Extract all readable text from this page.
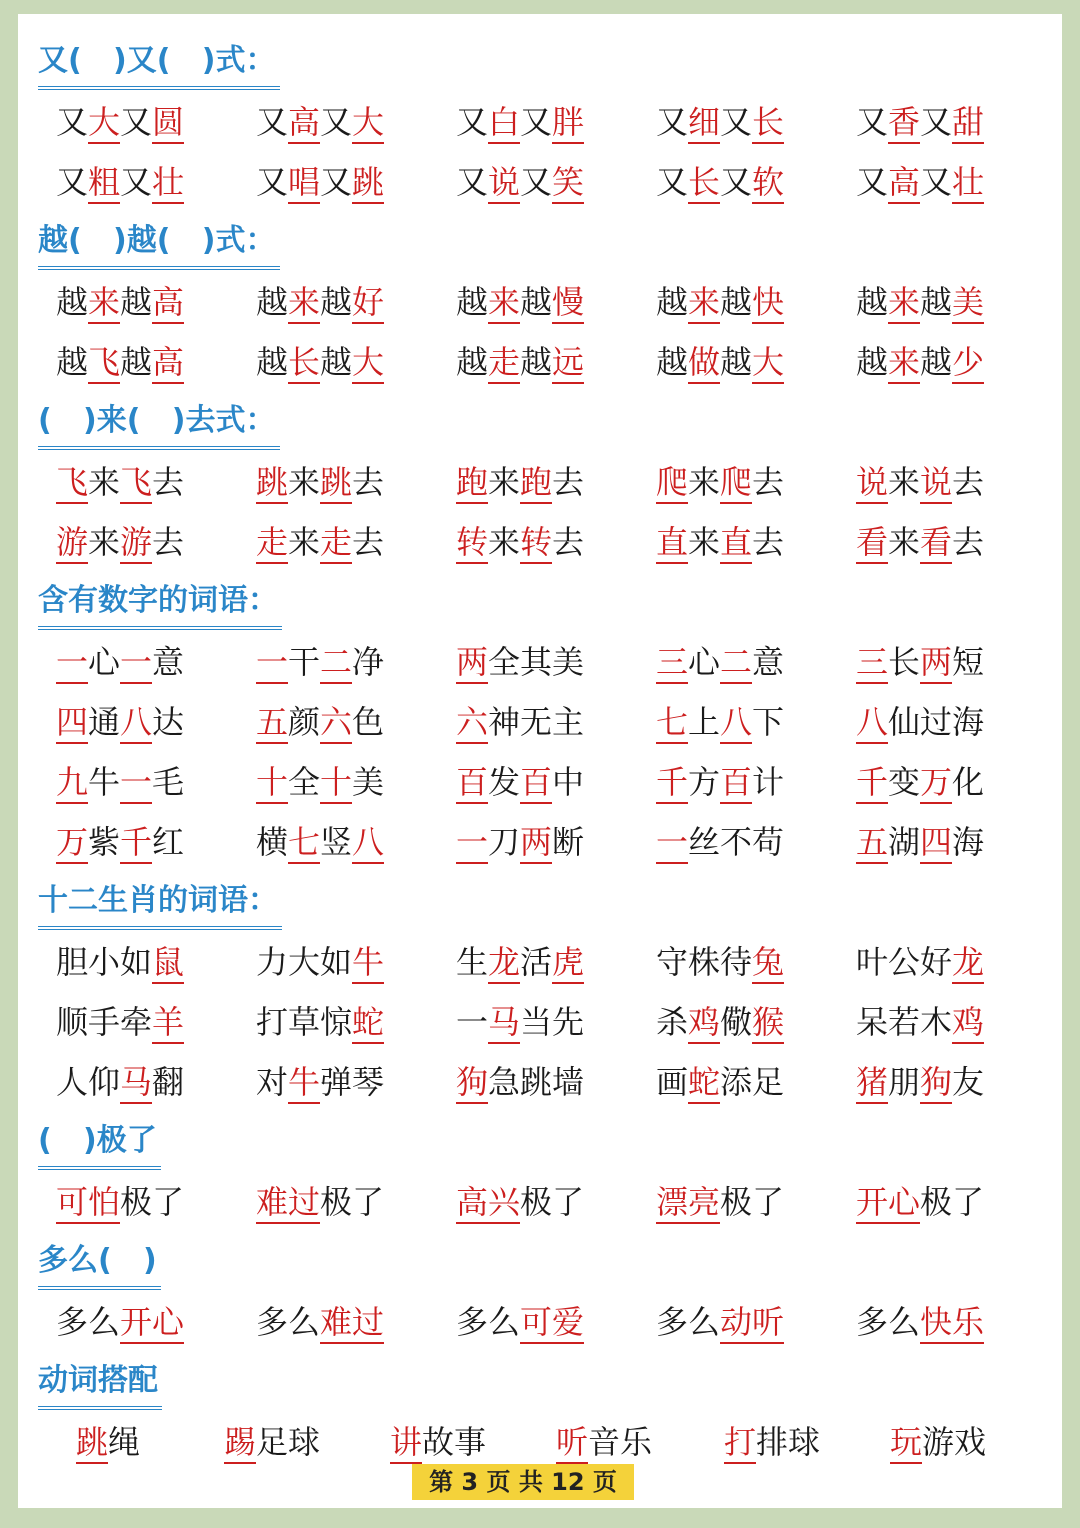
又(   )又(   )式：
又大又圆 又高又大 又白又胖 又细又长 又香又甜
又粗又壮 又唱又跳 又说又笑 又长又软 又高又壮
越(   )越(   )式：
越来越高 越来越好 越来越慢 越来越快 越来越美
越飞越高 越长越大 越走越远 越做越大 越来越少
(   )来(   )去式：
飞来飞去 跳来跳去 跑来跑去 爬来爬去 说来说去
游来游去 走来走去 转来转去 直来直去 看来看去
含有数字的词语：
一心一意 一干二净 两全其美 三心二意 三长两短
四通八达 五颜六色 六神无主 七上八下 八仙过海
九牛一毛 十全十美 百发百中 千方百计 千变万化
万紫千红 横七竖八 一刀两断 一丝不苟 五湖四海
十二生肖的词语：
胆小如鼠 力大如牛 生龙活虎 守株待兔 叶公好龙
顺手牵羊 打草惊蛇 一马当先 杀鸡儆猴 呆若木鸡
人仰马翻 对牛弹琴 狗急跳墙 画蛇添足 猪朋狗友
(   )极了
可怕极了 难过极了 高兴极了 漂亮极了 开心极了
多么(   )
多么开心 多么难过 多么可爱 多么动听 多么快乐
动词搭配
跳绳	踢足球 讲故事 听音乐 打排球 玩游戏
第 3 页 共 12 页
